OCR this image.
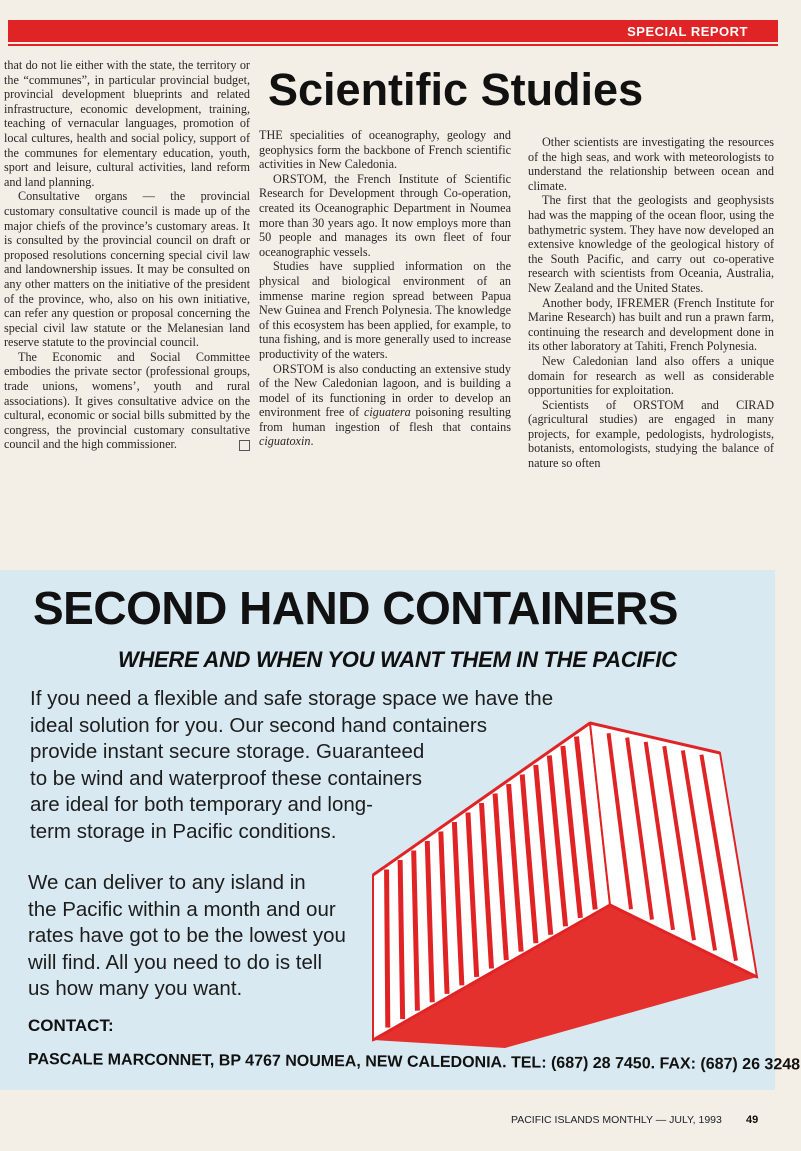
SPECIAL REPORT
Scientific Studies

that do not lie either with the state, the territory or the “communes”, in particular provincial budget, provincial development blueprints and related infrastructure, economic development, training, teaching of vernacular languages, promotion of local cultures, health and social policy, support of the communes for elementary education, youth, sport and leisure, cultural activities, land reform and land planning.

Consultative organs — the provincial customary consultative council is made up of the major chiefs of the province’s customary areas. It is consulted by the provincial council on draft or proposed resolutions concerning special civil law and landownership issues. It may be consulted on any other matters on the initiative of the president of the province, who, also on his own initiative, can refer any question or proposal concerning the special civil law statute or the Melanesian land reserve statute to the provincial council.

The Economic and Social Committee embodies the private sector (professional groups, trade unions, womens’, youth and rural associations). It gives consultative advice on the cultural, economic or social bills submitted by the congress, the provincial customary consultative council and the high commissioner.

THE specialities of oceanography, geology and geophysics form the backbone of French scientific activities in New Caledonia.

ORSTOM, the French Institute of Scientific Research for Development through Co-operation, created its Oceanographic Department in Noumea more than 30 years ago. It now employs more than 50 people and manages its own fleet of four oceanographic vessels.

Studies have supplied information on the physical and biological environment of an immense marine region spread between Papua New Guinea and French Polynesia. The knowledge of this ecosystem has been applied, for example, to tuna fishing, and is more generally used to increase productivity of the waters.

ORSTOM is also conducting an extensive study of the New Caledonian lagoon, and is building a model of its functioning in order to develop an environment free of ciguatera poisoning resulting from human ingestion of flesh that contains ciguatoxin.

Other scientists are investigating the resources of the high seas, and work with meteorologists to understand the relationship between ocean and climate.

The first that the geologists and geophysists had was the mapping of the ocean floor, using the bathymetric system. They have now developed an extensive knowledge of the geological history of the South Pacific, and carry out co-operative research with scientists from Oceania, Australia, New Zealand and the United States.

Another body, IFREMER (French Institute for Marine Research) has built and run a prawn farm, continuing the research and development done in its other laboratory at Tahiti, French Polynesia.

New Caledonian land also offers a unique domain for research as well as considerable opportunities for exploitation.

Scientists of ORSTOM and CIRAD (agricultural studies) are engaged in many projects, for example, pedologists, hydrologists, botanists, entomologists, studying the balance of nature so often

SECOND HAND CONTAINERS
WHERE AND WHEN YOU WANT THEM IN THE PACIFIC
If you need a flexible and safe storage space we have the
ideal solution for you. Our second hand containers
provide instant secure storage. Guaranteed
to be wind and waterproof these containers
are ideal for both temporary and long-
term storage in Pacific conditions.
We can deliver to any island in
the Pacific within a month and our
rates have got to be the lowest you
will find. All you need to do is tell
us how many you want.
CONTACT:
PASCALE MARCONNET, BP 4767 NOUMEA, NEW CALEDONIA. TEL: (687) 28 7450. FAX: (687) 26 3248
PACIFIC ISLANDS MONTHLY — JULY, 1993 49
